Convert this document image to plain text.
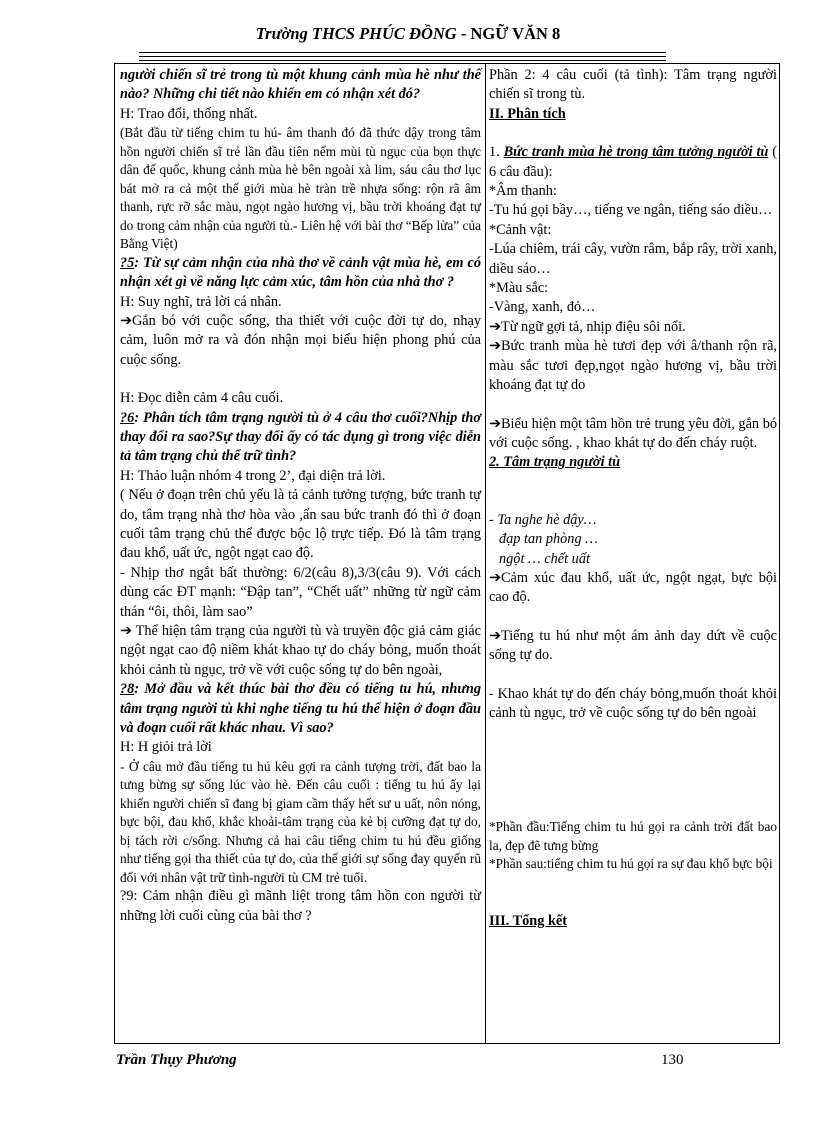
Trường THCS PHÚC ĐỒNG - NGỮ VĂN 8

người chiến sĩ trẻ trong tù một khung cảnh mùa hè như thế nào? Những chi tiết nào khiến em có nhận xét đó?

H: Trao đổi, thống nhất.

(Bắt đầu từ tiếng chim tu hú- âm thanh đó đã thức dậy trong tâm hồn người chiến sĩ trẻ lần đầu tiên nếm mùi tù ngục của bọn thực dân đế quốc, khung cảnh mùa hè bên ngoài xà lim, sáu câu thơ lục bát mở ra cả một thế giới mùa hè tràn trề nhựa sống: rộn rã âm thanh, rực rỡ sắc màu, ngọt ngào hương vị, bầu trời khoáng đạt tự do trong cảm nhận của người tù.- Liên hệ với bài thơ “Bếp lửa” của Bằng Việt)

?5: Từ sự cảm nhận của nhà thơ về cảnh vật mùa hè, em có nhận xét gì về năng lực cảm xúc, tâm hồn của nhà thơ ?

H: Suy nghĩ, trả lời cá nhân.

➔Gắn bó với cuộc sống, tha thiết với cuộc đời tự do, nhạy cảm, luôn mở ra và đón nhận mọi biểu hiện phong phú của cuộc sống.

H: Đọc diễn cảm 4 câu cuối.

?6: Phân tích tâm trạng người tù ở 4 câu thơ cuối?Nhịp thơ thay đổi ra sao?Sự thay đổi ấy có tác dụng gì trong việc diễn tả tâm trạng chủ thể trữ tình?

H: Thảo luận nhóm 4 trong 2’, đại diện trả lời.

( Nếu ở đoạn trên chủ yếu là tả cảnh tưởng tượng, bức tranh tự do, tâm trạng nhà thơ hòa vào ,ẩn sau bức tranh đó thì ở đoạn cuối tâm trạng chủ thể được bộc lộ trực tiếp. Đó là tâm trạng đau khổ, uất ức, ngột ngạt cao độ.

- Nhịp thơ ngắt bất thường: 6/2(câu 8),3/3(câu 9). Với cách dùng các ĐT mạnh: “Đập tan”, “Chết uất” những từ ngữ cảm thán “ôi, thôi, làm sao”

➔ Thể hiện tâm trạng của người tù và truyền độc giả cảm giác ngột ngạt cao độ niềm khát khao tự do cháy bỏng, muốn thoát khỏi cảnh tù ngục, trở về với cuộc sống tự do bên ngoài,

?8: Mở đầu và kết thúc bài thơ đều có tiếng tu hú, nhưng tâm trạng người tù khi nghe tiếng tu hú thể hiện ở đoạn đầu và đoạn cuối rất khác nhau. Vì sao?

H: H giỏi trả lời

- Ở câu mở đầu tiếng tu hú kêu gợi ra cảnh tượng trời, đất bao la tưng bừng sự sống lúc vào hè. Đến câu cuối : tiếng tu hú ấy lại khiến người chiến sĩ đang bị giam cầm thấy hết sư u uất, nôn nóng, bực bội, đau khổ, khắc khoải-tâm trạng của kẻ bị cưỡng đạt tự do, bị tách rời c/sống. Nhưng cả hai câu tiếng chim tu hú đều giống như tiếng gọi tha thiết của tự do, của thế giới sự sống đay quyến rũ đối với nhân vật trữ tình-người tù CM trẻ tuổi.

?9: Cảm nhận điều gì mãnh liệt trong tâm hồn con người từ những lời cuối cùng của bài thơ ?

Phần 2: 4 câu cuối (tả tình): Tâm trạng người chiến sĩ trong tù.

II. Phân tích

1. Bức tranh mùa hè trong tâm tưởng người tù ( 6 câu đầu):

*Âm thanh:

-Tu hú gọi bầy…, tiếng ve ngân, tiếng sáo diều…

*Cảnh vật:

-Lúa chiêm, trái cây, vườn râm, bắp rây, trời xanh, diều sáo…

*Màu sắc:

-Vàng, xanh, đỏ…

➔Từ ngữ gợi tả, nhịp điệu sôi nổi.

➔Bức tranh mùa hè tươi đẹp với â/thanh rộn rã, màu sắc tươi đẹp,ngọt ngào hương vị, bầu trời khoáng đạt tự do

➔Biểu hiện một tâm hồn trẻ trung yêu đời, gắn bó với cuộc sống. , khao khát tự do đến cháy ruột.

2. Tâm trạng người tù

- Ta nghe hè dậy…

đạp tan phòng …

ngột … chết uất

➔Cảm xúc đau khổ, uất ức, ngột ngạt, bực bội cao độ.

➔Tiếng tu hú như một ám ảnh day dứt về cuộc sống tự do.

- Khao khát tự do đến cháy bỏng,muốn thoát khỏi cảnh tù ngục, trở về cuộc sống tự do bên ngoài

*Phần đầu:Tiếng chim tu hú gọi ra cảnh trời đất bao la, đẹp đẽ tưng bừng

*Phần sau:tiếng chim tu hú gọi ra sự đau khổ bực bội

III. Tổng kết

Trần Thụy Phương	130
